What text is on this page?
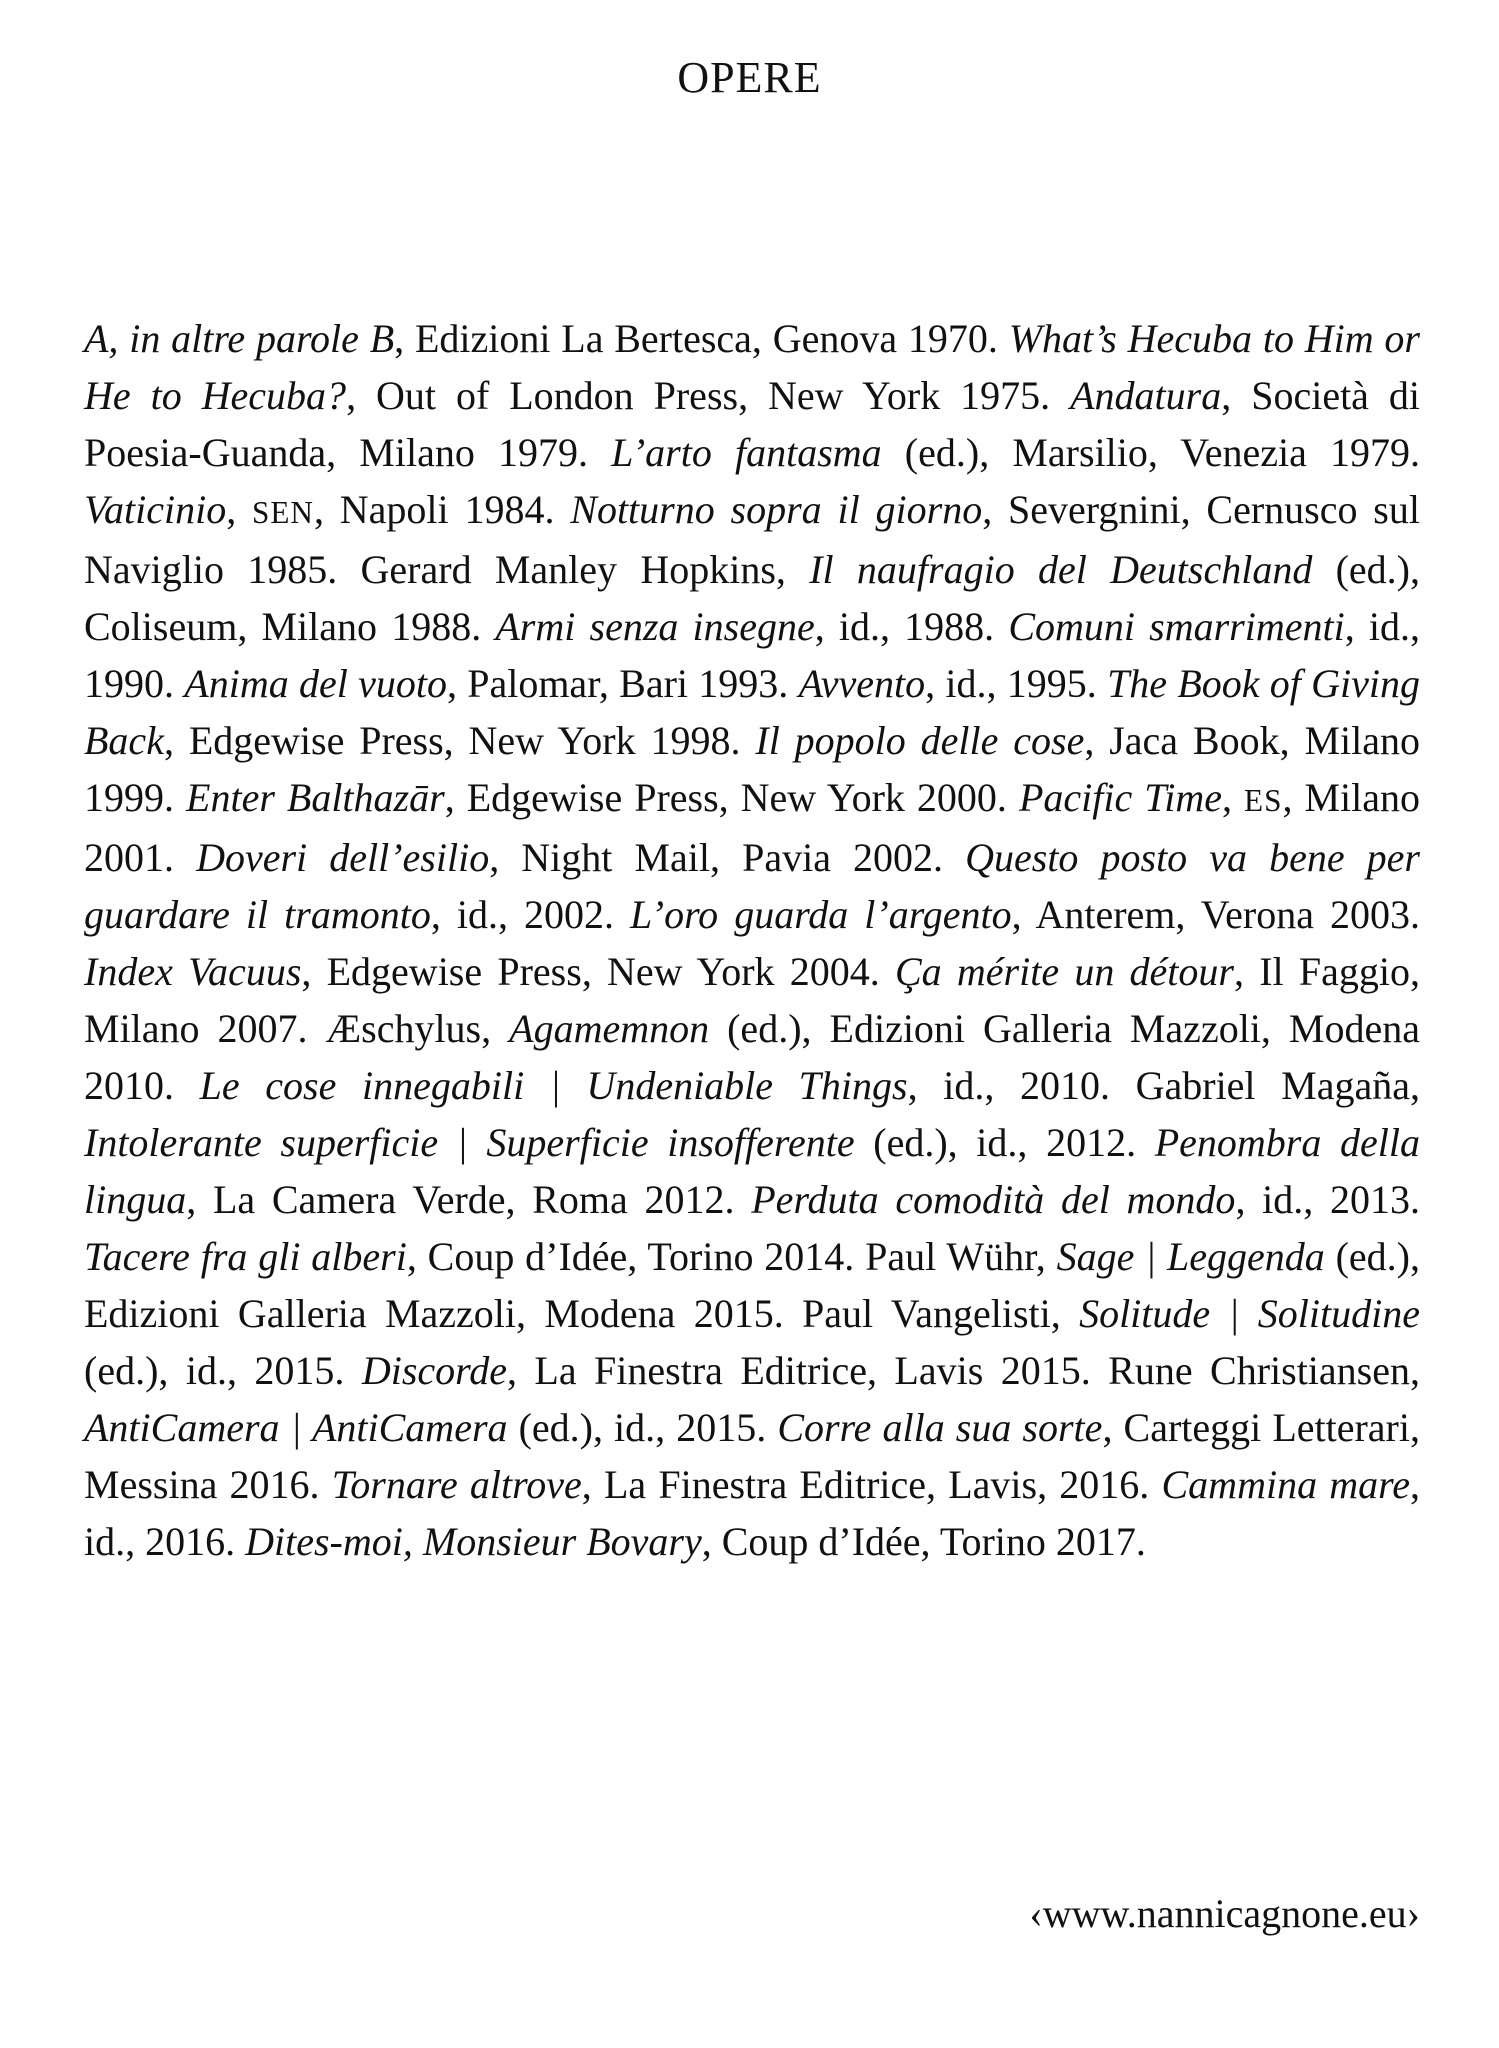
OPERE
A, in altre parole B, Edizioni La Bertesca, Genova 1970. What’s Hecuba to Him or He to Hecuba?, Out of London Press, New York 1975. Andatura, Società di Poesia-Guanda, Milano 1979. L’arto fantasma (ed.), Marsilio, Venezia 1979. Vaticinio, SEN, Napoli 1984. Notturno sopra il giorno, Severgnini, Cernusco sul Naviglio 1985. Gerard Manley Hopkins, Il naufragio del Deutschland (ed.), Coliseum, Milano 1988. Armi senza insegne, id., 1988. Comuni smarrimenti, id., 1990. Anima del vuoto, Palomar, Bari 1993. Avvento, id., 1995. The Book of Giving Back, Edgewise Press, New York 1998. Il popolo delle cose, Jaca Book, Milano 1999. Enter Balthazār, Edgewise Press, New York 2000. Pacific Time, ES, Milano 2001. Doveri dell’esilio, Night Mail, Pavia 2002. Questo posto va bene per guardare il tramonto, id., 2002. L’oro guarda l’argento, Anterem, Verona 2003. Index Vacuus, Edgewise Press, New York 2004. Ça mérite un détour, Il Faggio, Milano 2007. Æschylus, Agamemnon (ed.), Edizioni Galleria Mazzoli, Modena 2010. Le cose innegabili | Undeniable Things, id., 2010. Gabriel Magaña, Intolerante superficie | Superficie insofferente (ed.), id., 2012. Penombra della lingua, La Camera Verde, Roma 2012. Perduta comodità del mondo, id., 2013. Tacere fra gli alberi, Coup d’Idée, Torino 2014. Paul Wühr, Sage | Leggenda (ed.), Edizioni Galleria Mazzoli, Modena 2015. Paul Vangelisti, Solitude | Solitudine (ed.), id., 2015. Discorde, La Finestra Editrice, Lavis 2015. Rune Christiansen, AntiCamera | AntiCamera (ed.), id., 2015. Corre alla sua sorte, Carteggi Letterari, Messina 2016. Tornare altrove, La Finestra Editrice, Lavis, 2016. Cammina mare, id., 2016. Dites-moi, Monsieur Bovary, Coup d’Idée, Torino 2017.
‹www.nannicagnone.eu›
